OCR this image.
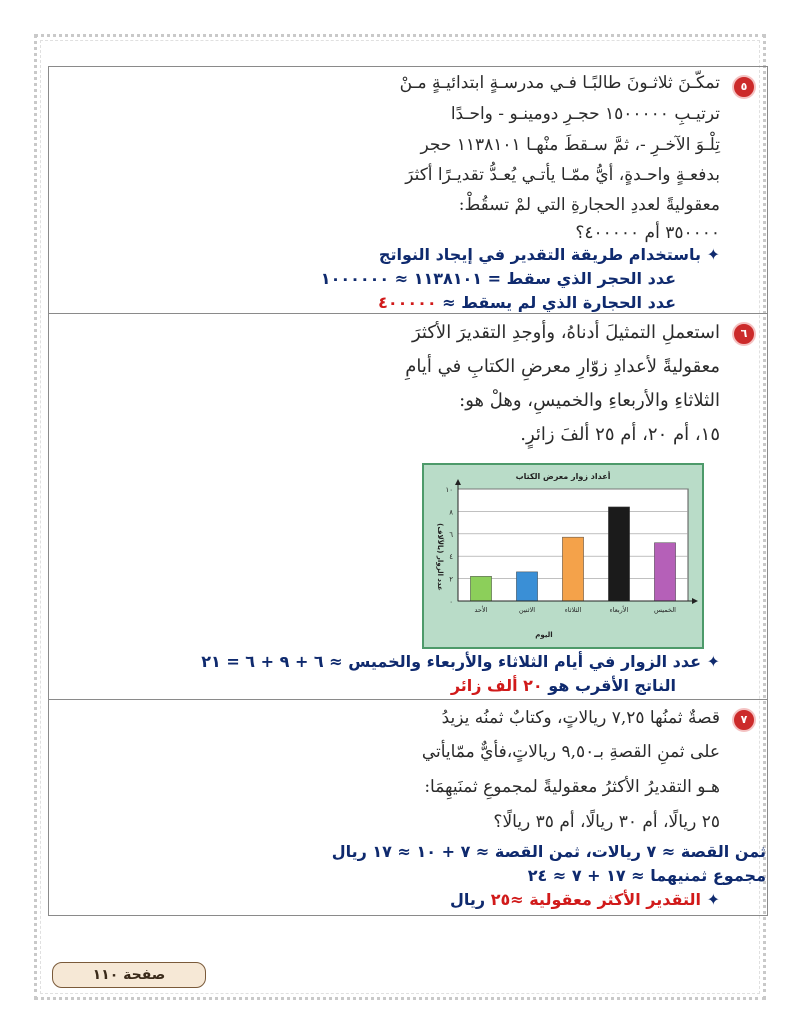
٥
تمكّـنَ ثلاثـونَ طالبًـا فـي مدرسـةٍ ابتدائيـةٍ مـنْ
ترتيـبِ ١٥٠٠٠٠٠ حجـرِ دومينـو - واحـدًا
تِلْـوَ الآخـرِ -، ثمَّ سـقطَ منْهـا ١١٣٨١٠١ حجر
بدفعـةٍ واحـدةٍ، أيُّ ممّـا يأتـي يُعـدُّ تقديـرًا أكثرَ
معقوليةً لعددِ الحجارةِ التي لمْ تسقُطْ:
٣٥٠٠٠٠ أم ٤٠٠٠٠٠؟
✦ باستخدام طريقة التقدير في إيجاد النواتج
عدد الحجر الذي سقط = ١١٣٨١٠١ ≈ ١٠٠٠٠٠٠
عدد الحجارة الذي لم يسقط ≈ ٤٠٠٠٠٠
٦
استعملِ التمثيلَ أدناهُ، وأوجدِ التقديرَ الأكثرَ
معقوليةً لأعدادِ زوّارِ معرضِ الكتابِ في أيامِ
الثلاثاءِ والأربعاءِ والخميسِ، وهلْ هو:
١٥، أم ٢٠، أم ٢٥ ألفَ زائرٍ.
✦ عدد الزوار في أيام الثلاثاء والأربعاء والخميس ≈ ٦ + ٩ + ٦ = ٢١
الناتج الأقرب هو ٢٠ ألف زائر
أعداد زوار معرض الكتاب
عدد الزوار (بالآلاف)
اليوم
٠
٢
٤
٦
٨
١٠
الأحد	الاثنين	الثلاثاء	الأربعاء	الخميس
٧
قصةٌ ثمنُها ٧,٢٥ ريالاتٍ، وكتابٌ ثمنُه يزيدُ
على ثمنِ القصةِ بـ٩,٥٠ ريالاتٍ،فأيٌّ ممّايأتي
هـو التقديرُ الأكثرُ معقوليةً لمجموعِ ثمنَيهِمَا:
٢٥ ريالًا، أم ٣٠ ريالًا، أم ٣٥ ريالًا؟
ثمن القصة ≈ ٧ ريالات، ثمن القصة ≈ ٧ + ١٠ ≈ ١٧ ريال
مجموع ثمنيهما ≈ ١٧ + ٧ ≈ ٢٤
✦ التقدير الأكثر معقولية ≈٢٥ ريال
صفحة ١١٠
